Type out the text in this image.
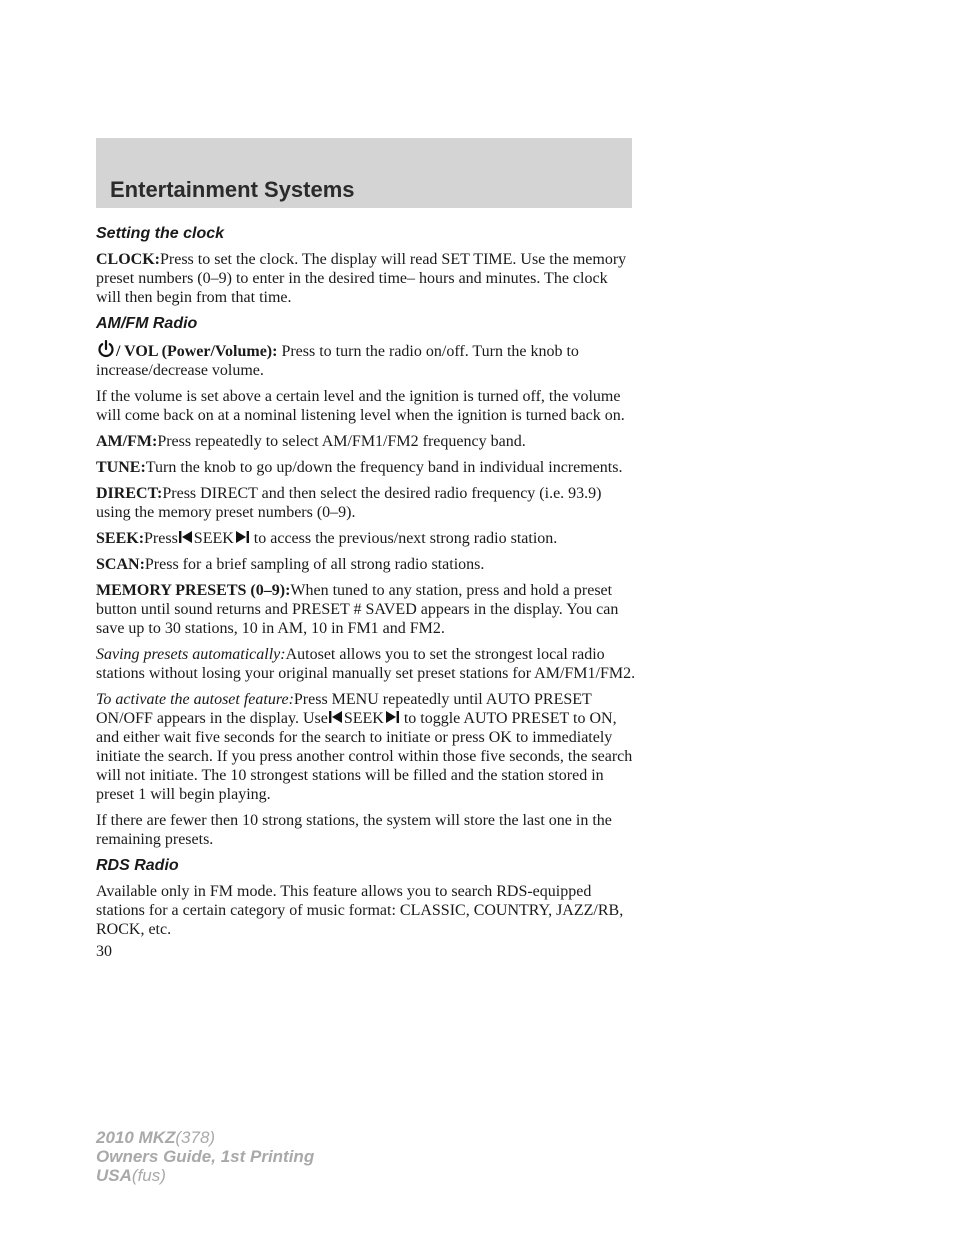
Entertainment Systems
Setting the clock

CLOCK:Press to set the clock. The display will read SET TIME. Use the memory preset numbers (0–9) to enter in the desired time– hours and minutes. The clock will then begin from that time.

AM/FM Radio

/ VOL (Power/Volume): Press to turn the radio on/off. Turn the knob to increase/decrease volume.

If the volume is set above a certain level and the ignition is turned off, the volume will come back on at a nominal listening level when the ignition is turned back on.

AM/FM:Press repeatedly to select AM/FM1/FM2 frequency band.

TUNE:Turn the knob to go up/down the frequency band in individual increments.

DIRECT:Press DIRECT and then select the desired radio frequency (i.e. 93.9) using the memory preset numbers (0–9).

SEEK:Press SEEK to access the previous/next strong radio station.

SCAN:Press for a brief sampling of all strong radio stations.

MEMORY PRESETS (0–9):When tuned to any station, press and hold a preset button until sound returns and PRESET # SAVED appears in the display. You can save up to 30 stations, 10 in AM, 10 in FM1 and FM2.

Saving presets automatically:Autoset allows you to set the strongest local radio stations without losing your original manually set preset stations for AM/FM1/FM2.

To activate the autoset feature:Press MENU repeatedly until AUTO PRESET ON/OFF appears in the display. Use SEEK to toggle AUTO PRESET to ON, and either wait five seconds for the search to initiate or press OK to immediately initiate the search. If you press another control within those five seconds, the search will not initiate. The 10 strongest stations will be filled and the station stored in preset 1 will begin playing.

If there are fewer then 10 strong stations, the system will store the last one in the remaining presets.

RDS Radio

Available only in FM mode. This feature allows you to search RDS-equipped stations for a certain category of music format: CLASSIC, COUNTRY, JAZZ/RB, ROCK, etc.

30
2010 MKZ(378)
Owners Guide, 1st Printing
USA(fus)
